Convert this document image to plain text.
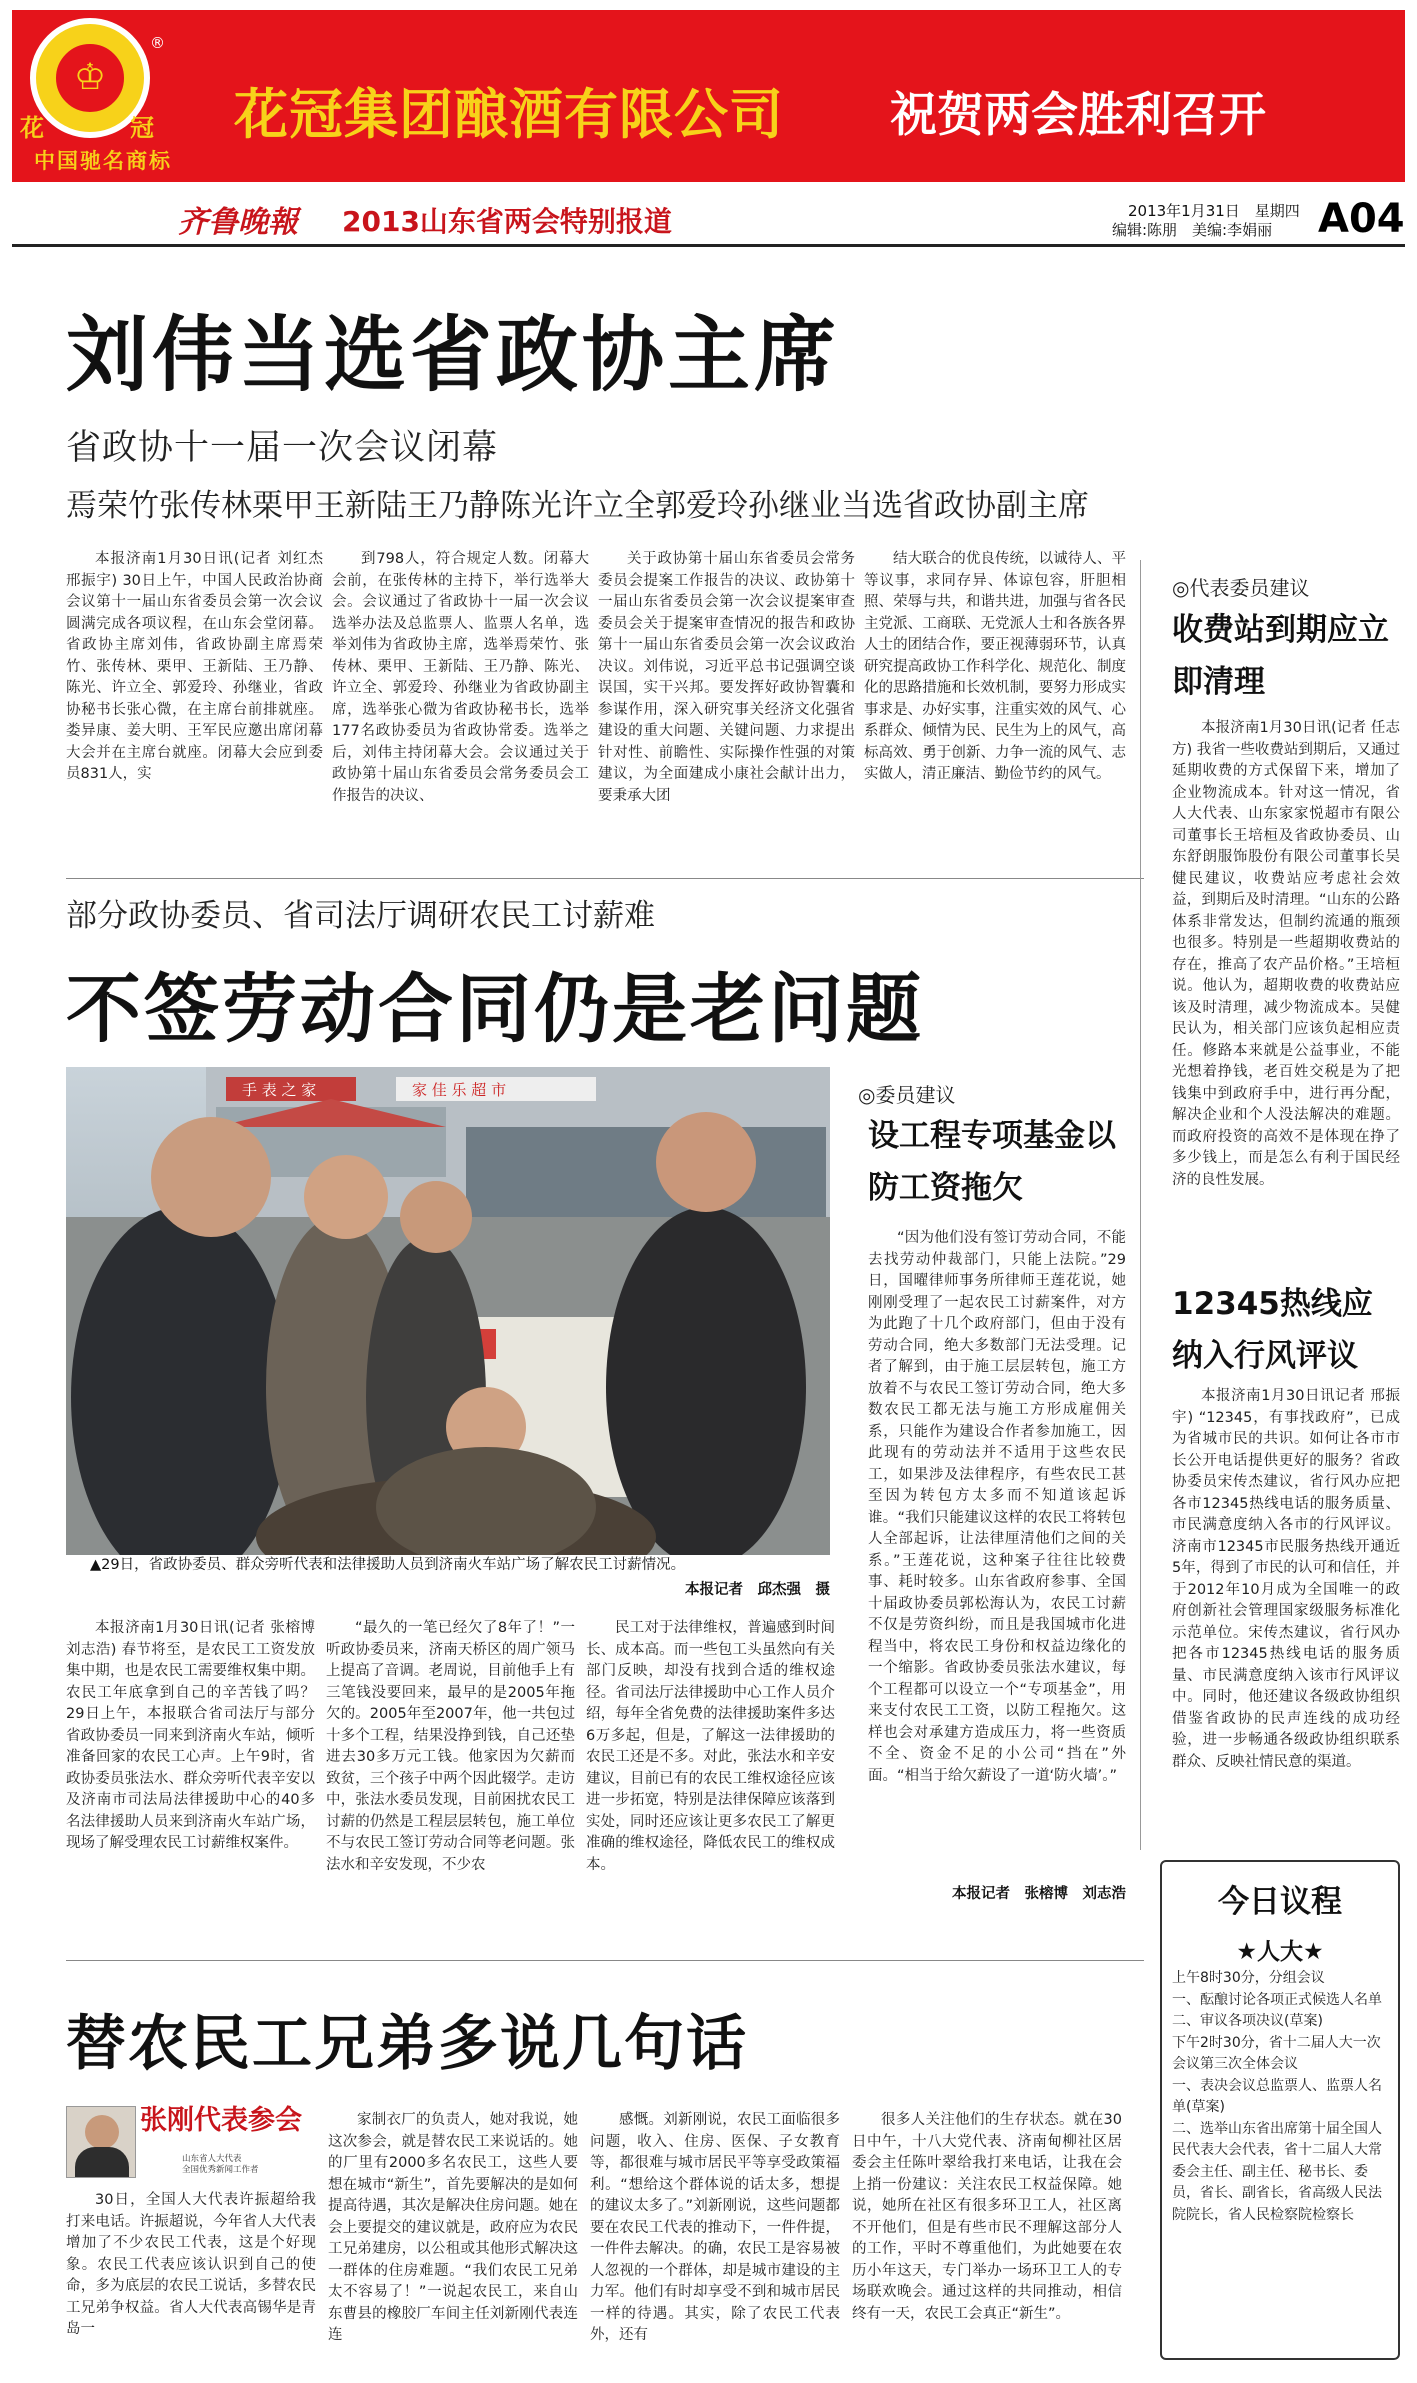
♔
®
花	冠
中国驰名商标
花冠集团酿酒有限公司 祝贺两会胜利召开
齐鲁晚報 2013山东省两会特别报道	2013年1月31日　星期四
编辑:陈朋　美编:李娟丽 A04
刘伟当选省政协主席
省政协十一届一次会议闭幕
焉荣竹张传林栗甲王新陆王乃静陈光许立全郭爱玲孙继业当选省政协副主席

本报济南1月30日讯(记者 刘红杰 邢振宇) 30日上午，中国人民政治协商会议第十一届山东省委员会第一次会议圆满完成各项议程，在山东会堂闭幕。省政协主席刘伟，省政协副主席焉荣竹、张传林、栗甲、王新陆、王乃静、陈光、许立全、郭爱玲、孙继业，省政协秘书长张心微，在主席台前排就座。娄异康、姜大明、王军民应邀出席闭幕大会并在主席台就座。闭幕大会应到委员831人，实

到798人，符合规定人数。闭幕大会前，在张传林的主持下，举行选举大会。会议通过了省政协十一届一次会议选举办法及总监票人、监票人名单，选举刘伟为省政协主席，选举焉荣竹、张传林、栗甲、王新陆、王乃静、陈光、许立全、郭爱玲、孙继业为省政协副主席，选举张心微为省政协秘书长，选举177名政协委员为省政协常委。选举之后，刘伟主持闭幕大会。会议通过关于政协第十届山东省委员会常务委员会工作报告的决议、

关于政协第十届山东省委员会常务委员会提案工作报告的决议、政协第十一届山东省委员会第一次会议提案审查委员会关于提案审查情况的报告和政协第十一届山东省委员会第一次会议政治决议。刘伟说，习近平总书记强调空谈误国，实干兴邦。要发挥好政协智囊和参谋作用，深入研究事关经济文化强省建设的重大问题、关键问题、力求提出针对性、前瞻性、实际操作性强的对策建议，为全面建成小康社会献计出力，要秉承大团

结大联合的优良传统，以诚待人、平等议事，求同存异、体谅包容，肝胆相照、荣辱与共，和谐共进，加强与省各民主党派、工商联、无党派人士和各族各界人士的团结合作，要正视薄弱环节，认真研究提高政协工作科学化、规范化、制度化的思路措施和长效机制，要努力形成实事求是、办好实事，注重实效的风气、心系群众、倾情为民、民生为上的风气，高标高效、勇于创新、力争一流的风气、志实做人，清正廉洁、勤俭节约的风气。

◎代表委员建议
收费站到期应立即清理

本报济南1月30日讯(记者 任志方) 我省一些收费站到期后，又通过延期收费的方式保留下来，增加了企业物流成本。针对这一情况，省人大代表、山东家家悦超市有限公司董事长王培桓及省政协委员、山东舒朗服饰股份有限公司董事长吴健民建议，收费站应考虑社会效益，到期后及时清理。“山东的公路体系非常发达，但制约流通的瓶颈也很多。特别是一些超期收费站的存在，推高了农产品价格。”王培桓说。他认为，超期收费的收费站应该及时清理，减少物流成本。吴健民认为，相关部门应该负起相应责任。修路本来就是公益事业，不能光想着挣钱，老百姓交税是为了把钱集中到政府手中，进行再分配，解决企业和个人没法解决的难题。而政府投资的高效不是体现在挣了多少钱上，而是怎么有利于国民经济的良性发展。

12345热线应纳入行风评议

本报济南1月30日讯记者 邢振宇) “12345，有事找政府”，已成为省城市民的共识。如何让各市市长公开电话提供更好的服务？省政协委员宋传杰建议，省行风办应把各市12345热线电话的服务质量、市民满意度纳入各市的行风评议。济南市12345市民服务热线开通近5年，得到了市民的认可和信任，并于2012年10月成为全国唯一的政府创新社会管理国家级服务标准化示范单位。宋传杰建议，省行风办把各市12345热线电话的服务质量、市民满意度纳入该市行风评议中。同时，他还建议各级政协组织借鉴省政协的民声连线的成功经验，进一步畅通各级政协组织联系群众、反映社情民意的渠道。

部分政协委员、省司法厅调研农民工讨薪难
不签劳动合同仍是老问题
手 表 之 家	家 佳 乐 超 市
▲29日，省政协委员、群众旁听代表和法律援助人员到济南火车站广场了解农民工讨薪情况。
本报记者　邱杰强　摄
◎委员建议
设工程专项基金以防工资拖欠

“因为他们没有签订劳动合同，不能去找劳动仲裁部门，只能上法院。”29日，国曜律师事务所律师王莲花说，她刚刚受理了一起农民工讨薪案件，对方为此跑了十几个政府部门，但由于没有劳动合同，绝大多数部门无法受理。记者了解到，由于施工层层转包，施工方放着不与农民工签订劳动合同，绝大多数农民工都无法与施工方形成雇佣关系，只能作为建设合作者参加施工，因此现有的劳动法并不适用于这些农民工，如果涉及法律程序，有些农民工甚至因为转包方太多而不知道该起诉谁。“我们只能建议这样的农民工将转包人全部起诉，让法律厘清他们之间的关系。”王莲花说，这种案子往往比较费事、耗时较多。山东省政府参事、全国十届政协委员郭松海认为，农民工讨薪不仅是劳资纠纷，而且是我国城市化进程当中，将农民工身份和权益边缘化的一个缩影。省政协委员张法水建议，每个工程都可以设立一个“专项基金”，用来支付农民工工资，以防工程拖欠。这样也会对承建方造成压力，将一些资质不全、资金不足的小公司“挡在”外面。“相当于给欠薪设了一道‘防火墙’。”

本报记者　张榕博　刘志浩

本报济南1月30日讯(记者 张榕博 刘志浩) 春节将至，是农民工工资发放集中期，也是农民工需要维权集中期。农民工年底拿到自己的辛苦钱了吗？29日上午，本报联合省司法厅与部分省政协委员一同来到济南火车站，倾听准备回家的农民工心声。上午9时，省政协委员张法水、群众旁听代表辛安以及济南市司法局法律援助中心的40多名法律援助人员来到济南火车站广场，现场了解受理农民工讨薪维权案件。

“最久的一笔已经欠了8年了！”一听政协委员来，济南天桥区的周广领马上提高了音调。老周说，目前他手上有三笔钱没要回来，最早的是2005年拖欠的。2005年至2007年，他一共包过十多个工程，结果没挣到钱，自己还垫进去30多万元工钱。他家因为欠薪而致贫，三个孩子中两个因此辍学。走访中，张法水委员发现，目前困扰农民工讨薪的仍然是工程层层转包，施工单位不与农民工签订劳动合同等老问题。张法水和辛安发现，不少农

民工对于法律维权，普遍感到时间长、成本高。而一些包工头虽然向有关部门反映，却没有找到合适的维权途径。省司法厅法律援助中心工作人员介绍，每年全省免费的法律援助案件多达6万多起，但是，了解这一法律援助的农民工还是不多。对此，张法水和辛安建议，目前已有的农民工维权途径应该进一步拓宽，特别是法律保障应该落到实处，同时还应该让更多农民工了解更准确的维权途径，降低农民工的维权成本。

替农民工兄弟多说几句话
张刚代表参会
山东省人大代表
全国优秀新闻工作者

30日，全国人大代表许振超给我打来电话。许振超说，今年省人大代表增加了不少农民工代表，这是个好现象。农民工代表应该认识到自己的使命，多为底层的农民工说话，多替农民工兄弟争权益。省人大代表高锡华是青岛一

家制衣厂的负责人，她对我说，她这次参会，就是替农民工来说话的。她的厂里有2000多名农民工，这些人要想在城市“新生”，首先要解决的是如何提高待遇，其次是解决住房问题。她在会上要提交的建议就是，政府应为农民工兄弟建房，以公租或其他形式解决这一群体的住房难题。“我们农民工兄弟太不容易了！”一说起农民工，来自山东曹县的橡胶厂车间主任刘新刚代表连连

感慨。刘新刚说，农民工面临很多问题，收入、住房、医保、子女教育等，都很难与城市居民平等享受政策福利。“想给这个群体说的话太多，想提的建议太多了。”刘新刚说，这些问题都要在农民工代表的推动下，一件件提，一件件去解决。的确，农民工是容易被人忽视的一个群体，却是城市建设的主力军。他们有时却享受不到和城市居民一样的待遇。其实，除了农民工代表外，还有

很多人关注他们的生存状态。就在30日中午，十八大党代表、济南甸柳社区居委会主任陈叶翠给我打来电话，让我在会上捎一份建议：关注农民工权益保障。她说，她所在社区有很多环卫工人，社区离不开他们，但是有些市民不理解这部分人的工作，平时不尊重他们，为此她要在农历小年这天，专门举办一场环卫工人的专场联欢晚会。通过这样的共同推动，相信终有一天，农民工会真正“新生”。

今日议程
★人大★
上午8时30分，分组会议
一、酝酿讨论各项正式候选人名单
二、审议各项决议(草案)
下午2时30分，省十二届人大一次会议第三次全体会议
一、表决会议总监票人、监票人名单(草案)
二、选举山东省出席第十届全国人民代表大会代表，省十二届人大常委会主任、副主任、秘书长、委员，省长、副省长，省高级人民法院院长，省人民检察院检察长
